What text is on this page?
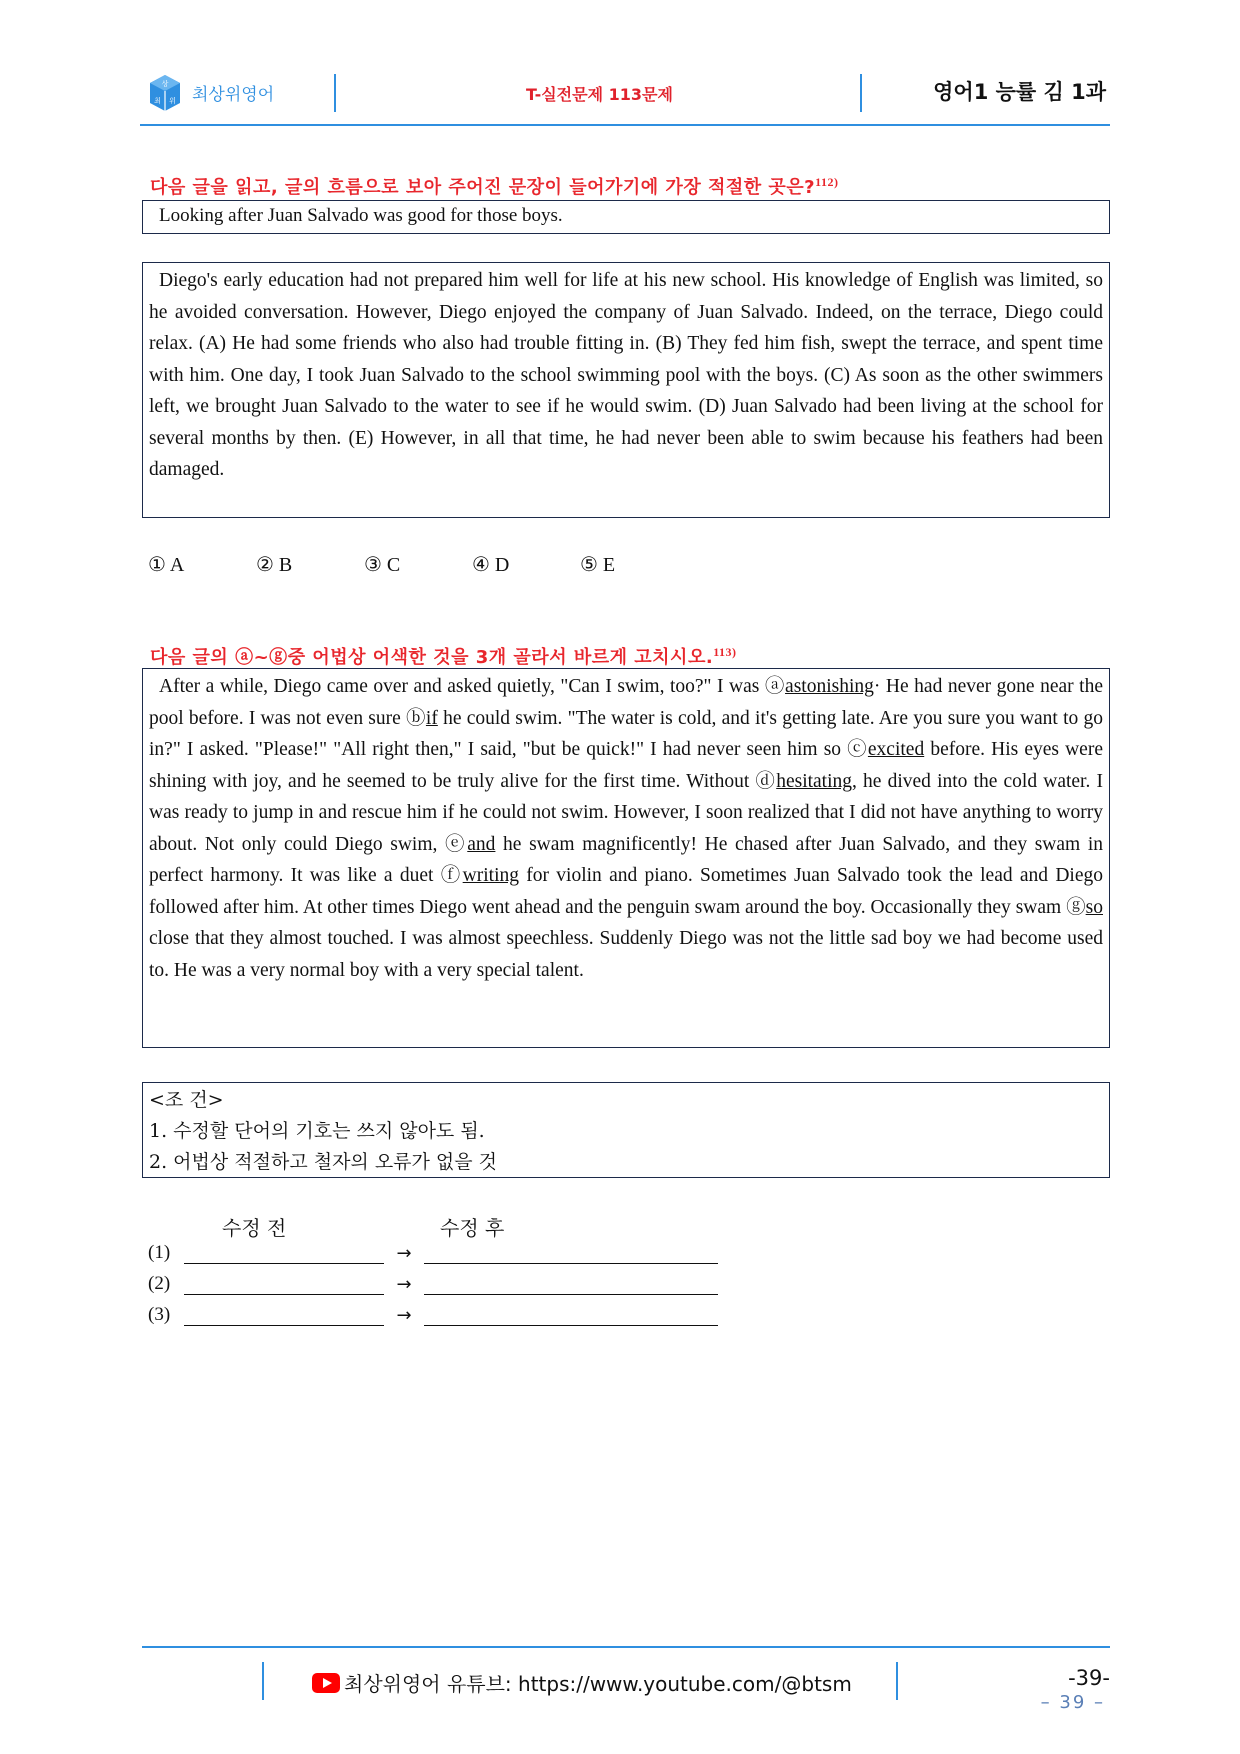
상
최 위 최상위영어	T-실전문제 113문제	영어1 능률 김 1과
다음 글을 읽고, 글의 흐름으로 보아 주어진 문장이 들어가기에 가장 적절한 곳은?$^{112)}$
Looking after Juan Salvado was good for those boys.

Diego's early education had not prepared him well for life at his new school. His knowledge of English was limited, so he avoided conversation. However, Diego enjoyed the company of Juan Salvado. Indeed, on the terrace, Diego could relax. (A) He had some friends who also had trouble fitting in. (B) They fed him fish, swept the terrace, and spent time with him. One day, I took Juan Salvado to the school swimming pool with the boys. (C) As soon as the other swimmers left, we brought Juan Salvado to the water to see if he would swim. (D) Juan Salvado had been living at the school for several months by then. (E) However, in all that time, he had never been able to swim because his feathers had been damaged.

① A	② B	③ C	④ D	⑤ E
다음 글의 ⓐ~ⓖ중 어법상 어색한 것을 3개 골라서 바르게 고치시오.$^{113)}$

After a while, Diego came over and asked quietly, "Can I swim, too?" I was ⓐastonishing· He had never gone near the pool before. I was not even sure ⓑif he could swim. "The water is cold, and it's getting late. Are you sure you want to go in?" I asked. "Please!" "All right then," I said, "but be quick!" I had never seen him so ⓒexcited before. His eyes were shining with joy, and he seemed to be truly alive for the first time. Without ⓓhesitating, he dived into the cold water. I was ready to jump in and rescue him if he could not swim. However, I soon realized that I did not have anything to worry about. Not only could Diego swim, ⓔand he swam magnificently! He chased after Juan Salvado, and they swam in perfect harmony. It was like a duet ⓕwriting for violin and piano. Sometimes Juan Salvado took the lead and Diego followed after him. At other times Diego went ahead and the penguin swam around the boy. Occasionally they swam ⓖso close that they almost touched. I was almost speechless. Suddenly Diego was not the little sad boy we had become used to. He was a very normal boy with a very special talent.

<조 건>
1. 수정할 단어의 기호는 쓰지 않아도 됨.
2. 어법상 적절하고 철자의 오류가 없을 것
수정 전	수정 후
(1)	→
(2)	→
(3)	→
최상위영어 유튜브: https://www.youtube.com/@btsm	-39-
– 39 –
